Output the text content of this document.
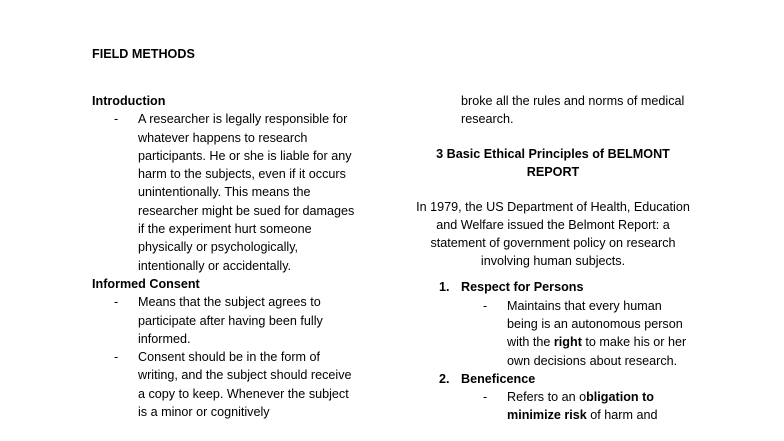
FIELD METHODS
Introduction
- A researcher is legally responsible for whatever happens to research participants. He or she is liable for any harm to the subjects, even if it occurs unintentionally. This means the researcher might be sued for damages if the experiment hurt someone physically or psychologically, intentionally or accidentally.
Informed Consent
- Means that the subject agrees to participate after having been fully informed.
- Consent should be in the form of writing, and the subject should receive a copy to keep. Whenever the subject is a minor or cognitively
broke all the rules and norms of medical research.
3 Basic Ethical Principles of BELMONT REPORT
In 1979, the US Department of Health, Education and Welfare issued the Belmont Report: a statement of government policy on research involving human subjects.
1. Respect for Persons
- Maintains that every human being is an autonomous person with the right to make his or her own decisions about research.
2. Beneficence
- Refers to an obligation to minimize risk of harm and
